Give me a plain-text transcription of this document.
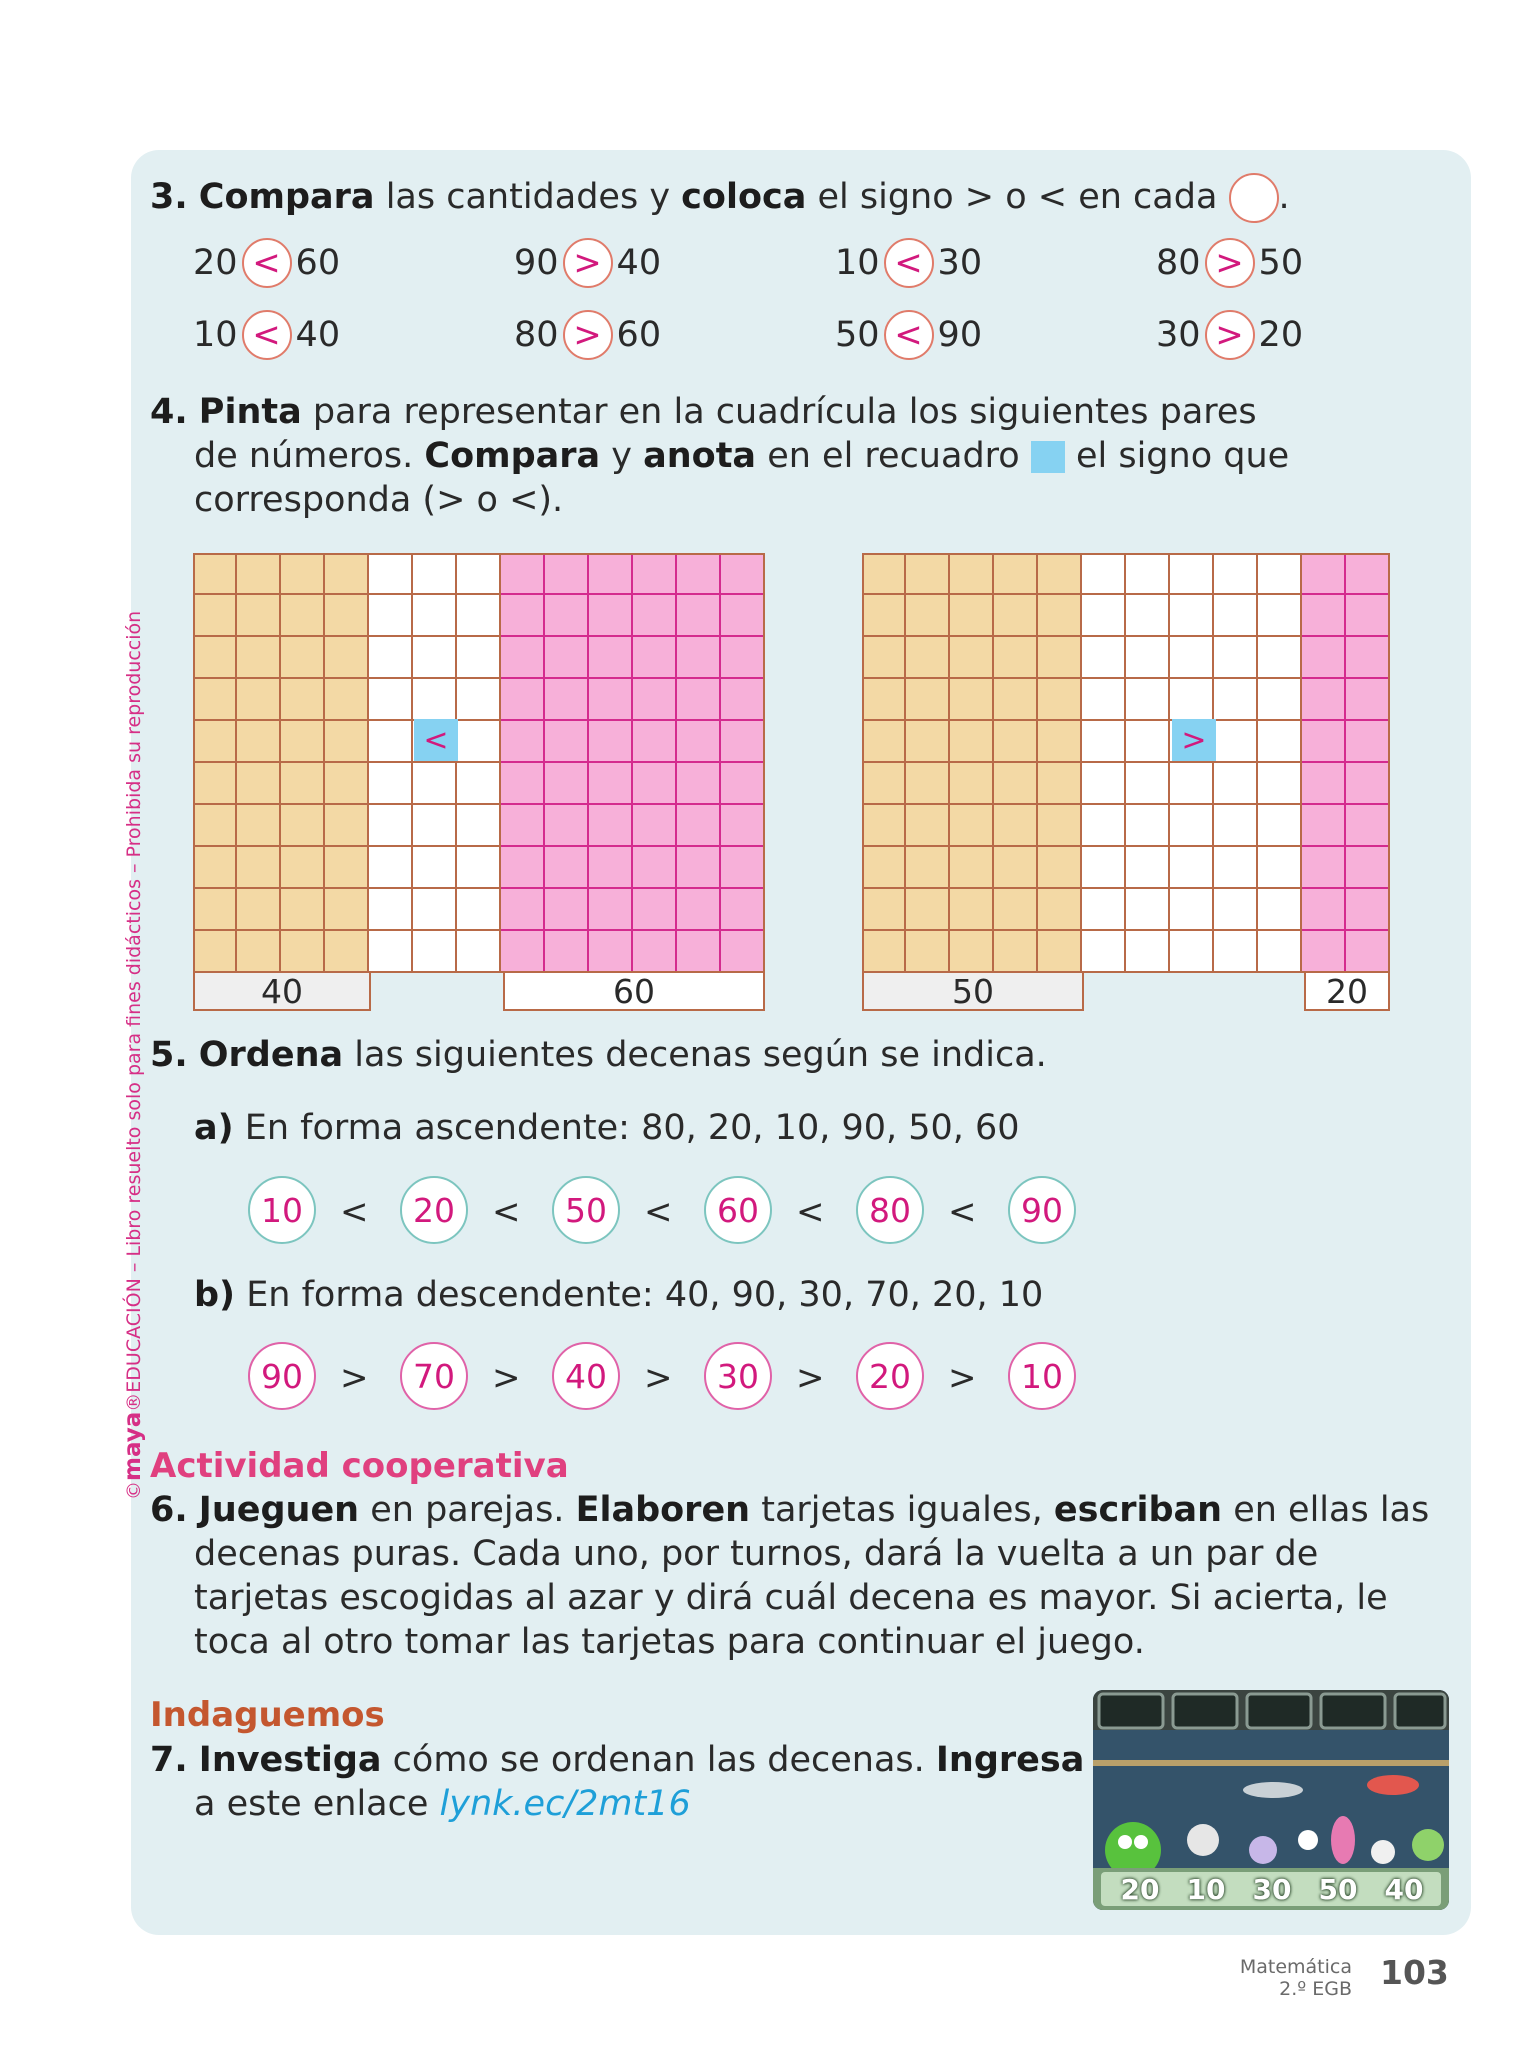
©maya®EDUCACIÓN – Libro resuelto solo para fines didácticos – Prohibida su reproducción
3. Compara las cantidades y coloca el signo > o < en cada .
20 < 60	90 > 40	10 < 30	80 > 50
10 < 40	80 > 60	50 < 90	30 > 20
4. Pinta para representar en la cuadrícula los siguientes pares
de números. Compara y anota en el recuadro  el signo que
corresponda (> o <).
<
40	60
>
50	20
5. Ordena las siguientes decenas según se indica.
a) En forma ascendente: 80, 20, 10, 90, 50, 60
10	<	20	<	50	<	60	<	80	<	90
b) En forma descendente: 40, 90, 30, 70, 20, 10
90	>	70	>	40	>	30	>	20	>	10
Actividad cooperativa
6. Jueguen en parejas. Elaboren tarjetas iguales, escriban en ellas las
decenas puras. Cada uno, por turnos, dará la vuelta a un par de
tarjetas escogidas al azar y dirá cuál decena es mayor. Si acierta, le
toca al otro tomar las tarjetas para continuar el juego.
Indaguemos
7. Investiga cómo se ordenan las decenas. Ingresa
a este enlace lynk.ec/2mt16
20 10 30 50 40
Matemática
2.º EGB 103
